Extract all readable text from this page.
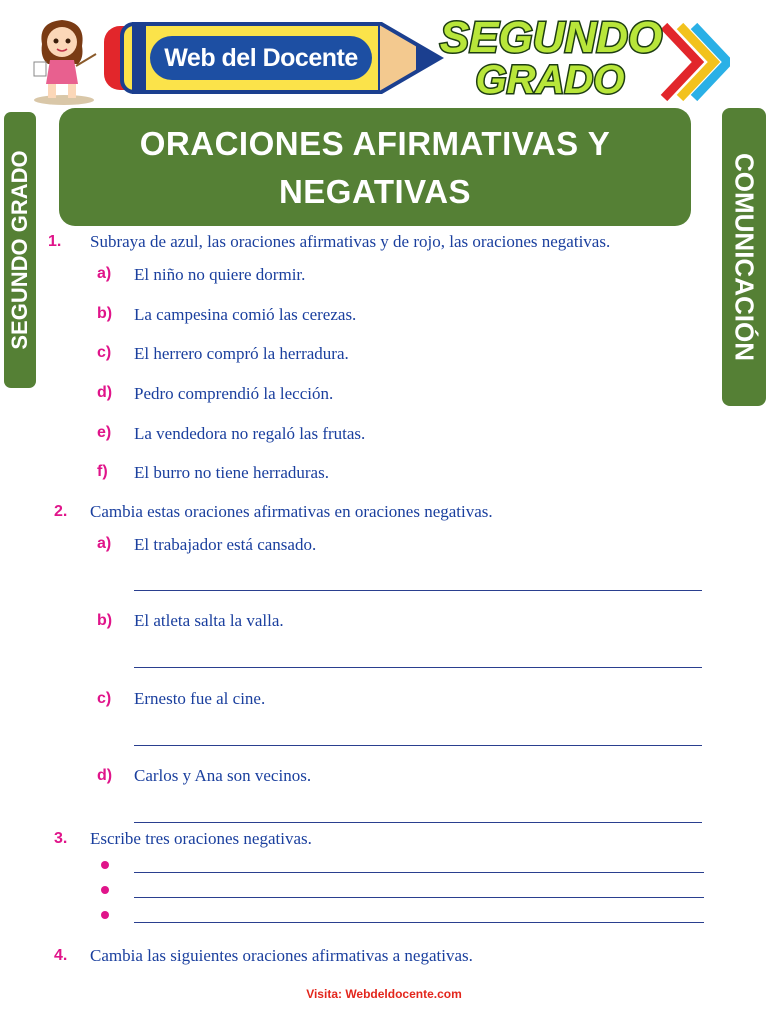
Web del Docente	SEGUNDO
GRADO
SEGUNDO GRADO	COMUNICACIÓN
ORACIONES AFIRMATIVAS Y
NEGATIVAS
1. Subraya de azul, las oraciones afirmativas y de rojo, las oraciones negativas.
a) El niño no quiere dormir.
b) La campesina comió las cerezas.
c) El herrero compró la herradura.
d) Pedro comprendió la lección.
e) La vendedora no regaló las frutas.
f) El burro no tiene herraduras.
2. Cambia estas oraciones afirmativas en oraciones negativas.
a) El trabajador está cansado.
b) El atleta salta la valla.
c) Ernesto fue al cine.
d) Carlos y Ana son vecinos.
3. Escribe tres oraciones negativas.
4. Cambia las siguientes oraciones afirmativas a negativas.
Visita: Webdeldocente.com
